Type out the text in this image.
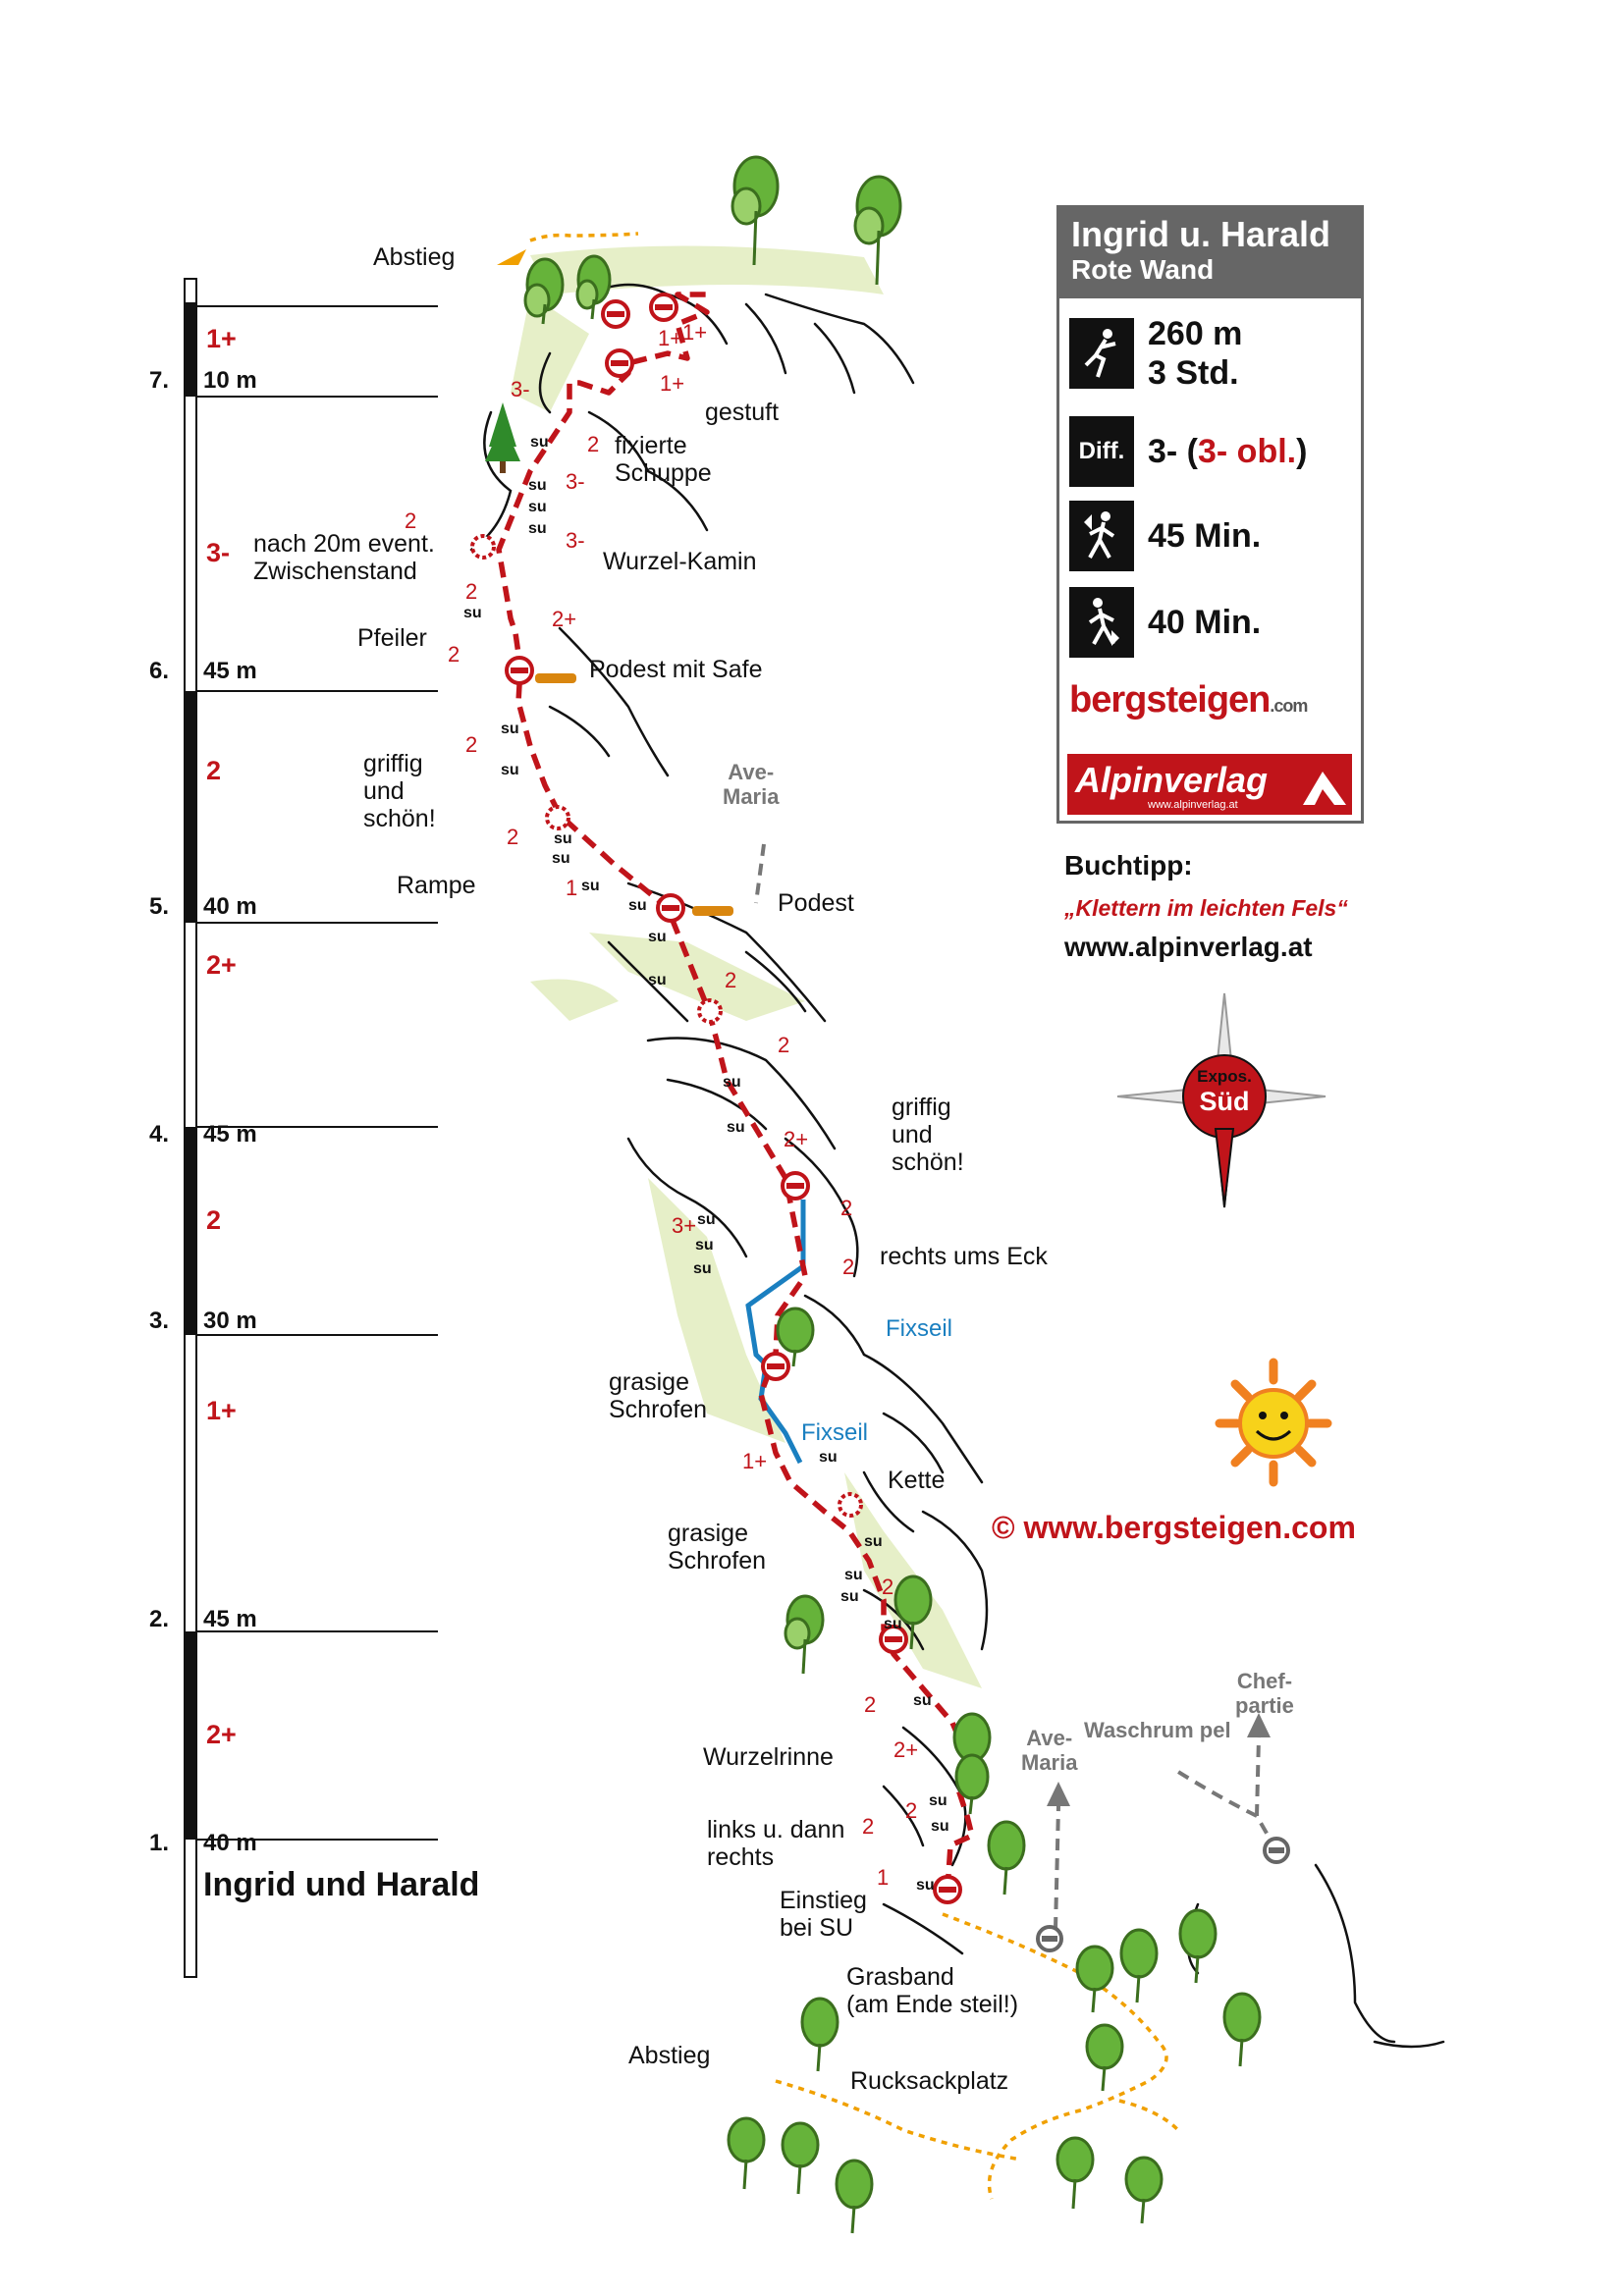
1. 40 m
2+
2. 45 m
1+
3. 30 m
2
4. 45 m
2+
5. 40 m
2
6. 45 m
3-
7. 10 m
1+
Ingrid und Harald
Ingrid u. Harald
Rote Wand
260 m
3 Std.
Diff. 3- (3- obl.)
45 Min.
40 Min.
bergsteigen.com
Alpinverlag
www.alpinverlag.at
Buchtipp:
„Klettern im leichten Fels“
www.alpinverlag.at
Expos.
Süd
© www.bergsteigen.com
Abstieg
gestuft
fixierte
Schuppe
nach 20m event.
Zwischenstand	Wurzel-Kamin
Pfeiler
Podest mit Safe
griffig
und
schön!
Rampe
Podest
griffig
und
schön!
rechts ums Eck
grasige
Schrofen
Kette
grasige
Schrofen
Wurzelrinne
links u. dann
rechts
Einstieg
bei SU
Grasband
(am Ende steil!)
Abstieg
Rucksackplatz
Ave-
Maria
Ave-
Maria
Waschrum pel
Chef-
partie
Fixseil
Fixseil
1
2
2
2+
2
1+
1+
2
2
3+
2+
2
2
2
1
2
2
2+
2
2
3-
2
3-
3-
2
1+
1+
su
su
su
su
su
su
su
su
su
su
su
su
su
su
su
su
su
su
su
su
su
su
su
su
su
su
su
